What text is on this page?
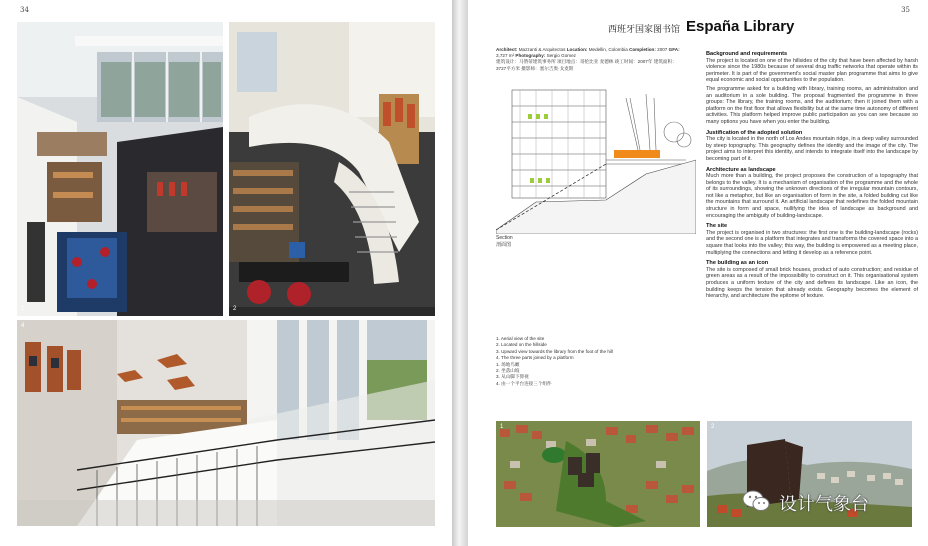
34
1	2
4
35
西班牙国家图书馆 España Library
Architect: Mazzanti & Arquitectos Location: Medellin, Colombia Completion: 2007 GFA: 3,727 m² Photography: Sergio Gomez
建筑设计：马赞蒂建筑事务所 项目地点：哥伦比亚 麦德林 竣工时间：2007年 建筑面积：3727平方米 摄影师：塞尔吉奥·戈麦斯
Section
剖面图
Background and requirements

The project is located on one of the hillsides of the city that have been affected by harsh violence since the 1980s because of several drug traffic networks that operate within its perimeter. It is part of the government's social master plan programme that aims to give equal economic and social opportunities to the population.

The programme asked for a building with library, training rooms, an administration and an auditorium in a sole building. The proposal fragmented the programme in three groups: The library, the training rooms, and the auditorium; then it joined them with a platform on the first floor that allows flexibility but at the same time autonomy of different activities. This platform helped improve public participation as you can see because so many options you have when you enter the building.

Justification of the adopted solution

The city is located in the north of Los Andes mountain ridge, in a deep valley surrounded by steep topography. This geography defines the identity and the image of the city. The project aims to interpret this identity, and intends to integrate itself into the landscape by becoming part of it.

Architecture as landscape

Much more than a building, the project proposes the construction of a topography that belongs to the valley. It is a mechanism of organisation of the programme and the whole of its surroundings, showing the unknown directions of the irregular mountain contours, not like a metaphor, but like an organisation of form in the site, a folded building cut like the mountains that surround it. An artificial landscape that redefines the folded mountain structure in form and space, nullifying the idea of landscape as background and encouraging the ambiguity of building-landscape.

The site

The project is organised in two structures: the first one is the building-landscape (rocks) and the second one is a platform that integrates and transforms the covered space into a square that looks into the valley; this way, the building is empowered as a meeting place, multiplying the connections and letting it develop as a reference point.

The building as an icon

The site is composed of small brick houses, product of auto construction; and residue of green areas as a result of the impossibility to construct on it. This organisational system produces a uniform texture of the city and defines its landscape. Like an icon, the building keeps the tension that already exists. Geography becomes the element of hierarchy, and architecture the epitome of texture.

1. Aerial view of the site
2. Located on the hillside
3. Upward view towards the library from the foot of the hill
4. The three parts joined by a platform
1. 场地鸟瞰
2. 坐落山坡
3. 从山脚下仰视
4. 由一个平台连接三个组件
1	2
设计气象台
